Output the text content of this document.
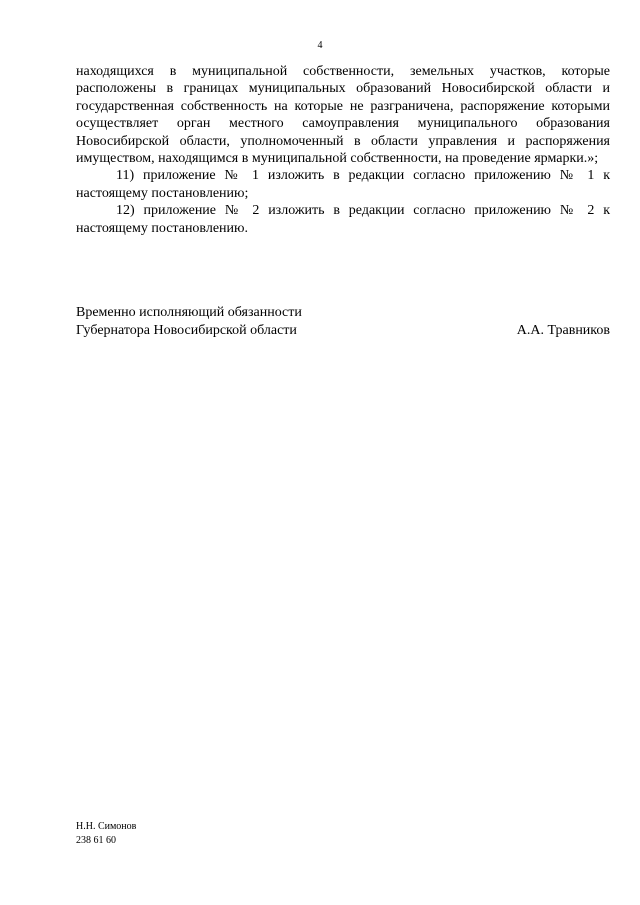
4

находящихся в муниципальной собственности, земельных участков, которые расположены в границах муниципальных образований Новосибирской области и государственная собственность на которые не разграничена, распоряжение которыми осуществляет орган местного самоуправления муниципального образования Новосибирской области, уполномоченный в области управления и распоряжения имуществом, находящимся в муниципальной собственности, на проведение ярмарки.»;

11) приложение № 1 изложить в редакции согласно приложению № 1 к настоящему постановлению;

12) приложение № 2 изложить в редакции согласно приложению № 2 к настоящему постановлению.

Временно исполняющий обязанности
Губернатора Новосибирской области	А.А. Травников
Н.Н. Симонов
238 61 60
